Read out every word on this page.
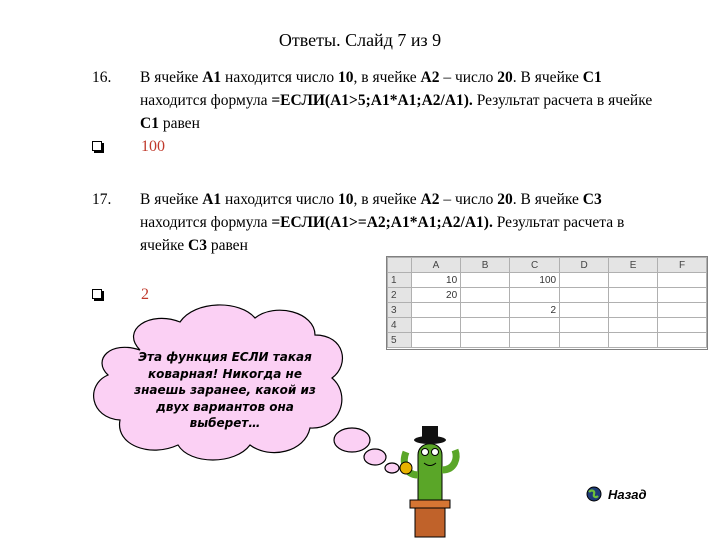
Ответы. Слайд 7 из 9
16. В ячейке А1 находится число 10, в ячейке А2 – число 20. В ячейке С1 находится формула =ЕСЛИ(А1>5;А1*А1;А2/А1). Результат расчета в ячейке С1 равен
100
17. В ячейке А1 находится число 10, в ячейке А2 – число 20. В ячейке С3 находится формула =ЕСЛИ(А1>=А2;А1*А1;А2/А1). Результат расчета в ячейке С3 равен
2
	A	B	C	D	E	F
1	10		100			
2	20					
3			2			
4						
5						
Эта функция ЕСЛИ такая коварная! Никогда не знаешь заранее, какой из двух вариантов она выберет…
Назад
